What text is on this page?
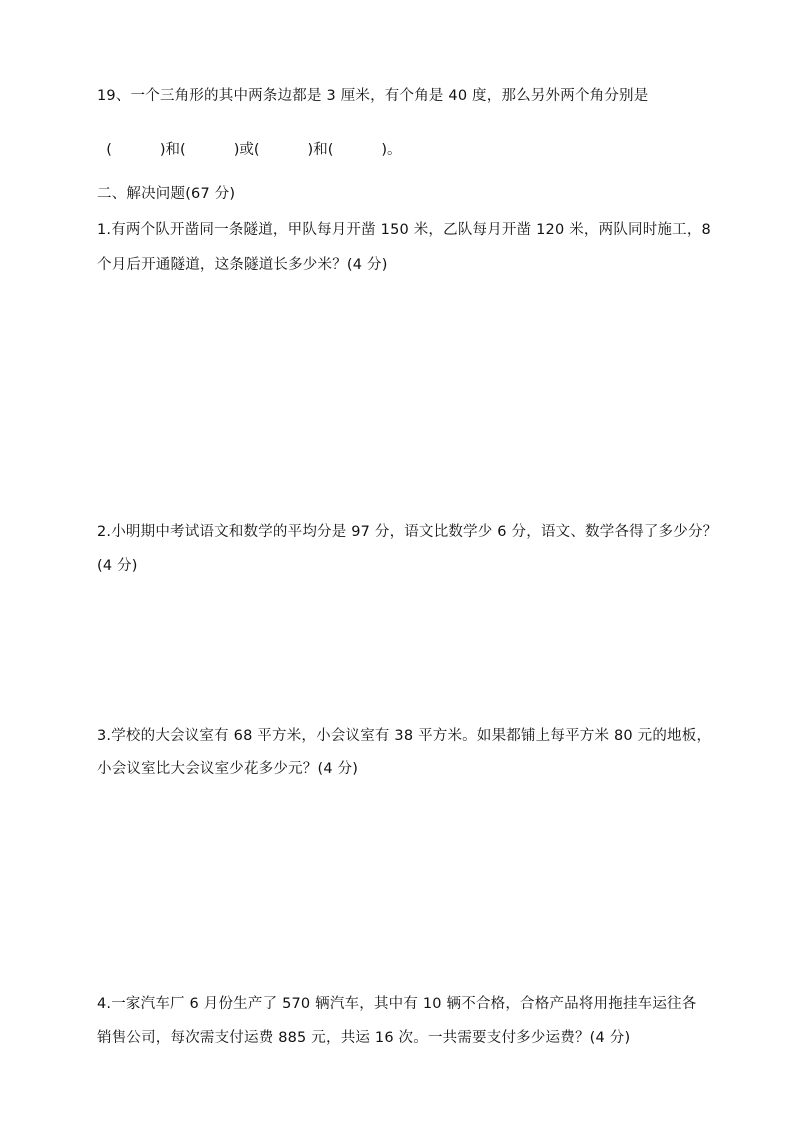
19、一个三角形的其中两条边都是 3 厘米，有个角是 40 度，那么另外两个角分别是

(	)和(	)或(	)和(	)。

二、解决问题(67 分)
1.有两个队开凿同一条隧道，甲队每月开凿 150 米，乙队每月开凿 120 米，两队同时施工，8
个月后开通隧道，这条隧道长多少米？(4 分)
2.小明期中考试语文和数学的平均分是 97 分，语文比数学少 6 分，语文、数学各得了多少分？
(4 分)
3.学校的大会议室有 68 平方米，小会议室有 38 平方米。如果都铺上每平方米 80 元的地板，
小会议室比大会议室少花多少元？(4 分)
4.一家汽车厂 6 月份生产了 570 辆汽车，其中有 10 辆不合格，合格产品将用拖挂车运往各
销售公司，每次需支付运费 885 元，共运 16 次。一共需要支付多少运费？(4 分)
